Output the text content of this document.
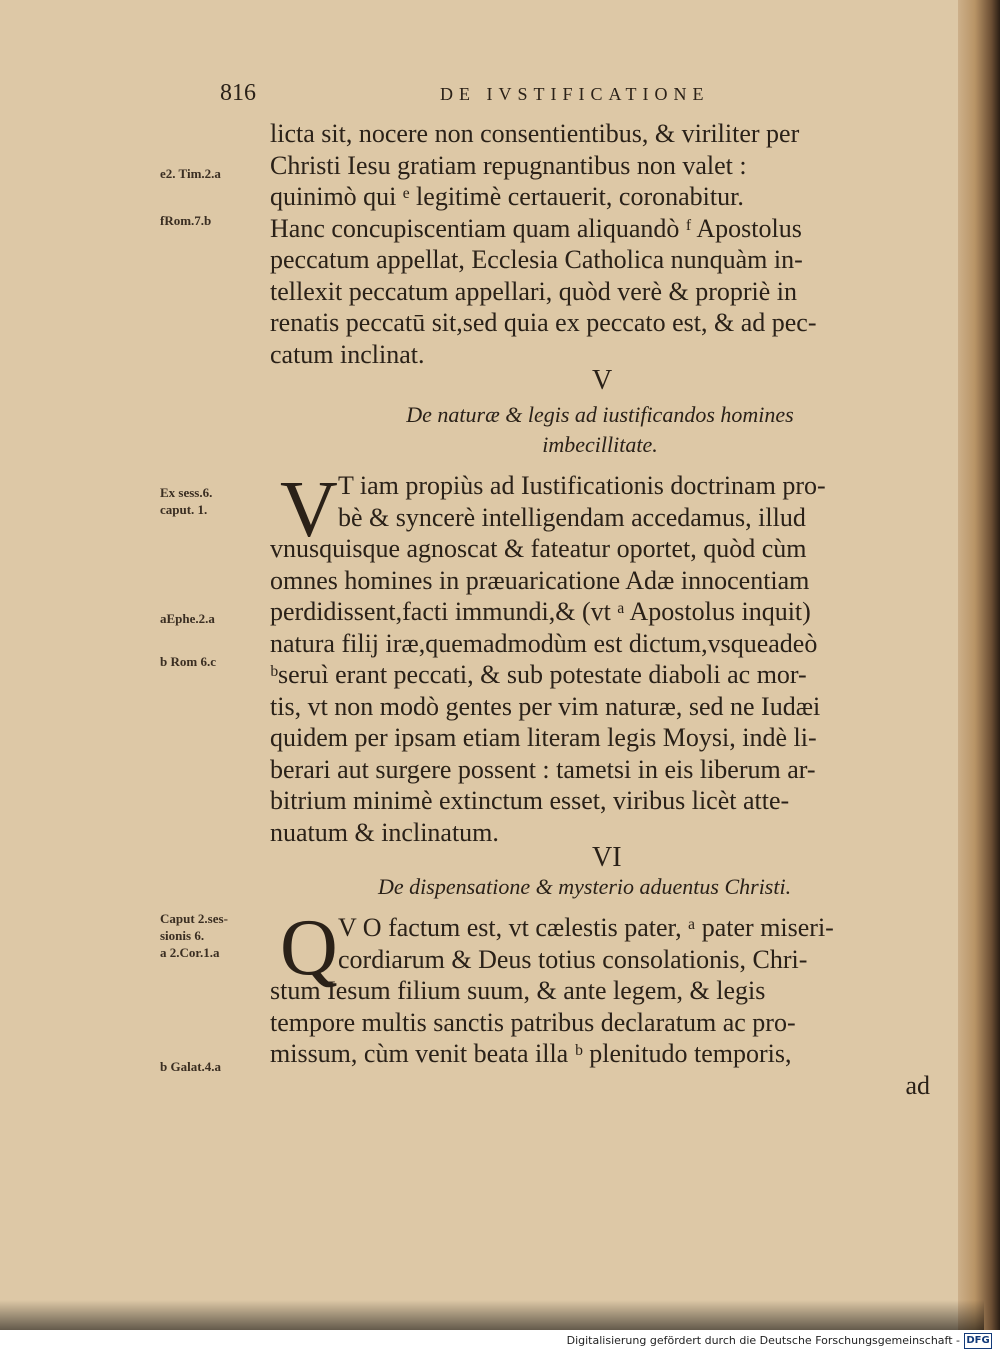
816	DE IVSTIFICATIONE
licta sit, nocere non consentientibus, & viriliter per
Christi Iesu gratiam repugnantibus non valet :
quinimò qui ᵉ legitimè certauerit, coronabitur.
Hanc concupiscentiam quam aliquandò ᶠ Apostolus
peccatum appellat, Ecclesia Catholica nunquàm in-
tellexit peccatum appellari, quòd verè & propriè in
renatis peccatū sit,sed quia ex peccato est, & ad pec-
catum inclinat.
V
De naturæ & legis ad iustificandos homines
imbecillitate.
V T iam propiùs ad Iustificationis doctrinam pro-
bè & syncerè intelligendam accedamus, illud
vnusquisque agnoscat & fateatur oportet, quòd cùm
omnes homines in præuaricatione Adæ innocentiam
perdidissent,facti immundi,& (vt ᵃ Apostolus inquit)
natura filij iræ,quemadmodùm est dictum,vsqueadeò
ᵇseruì erant peccati, & sub potestate diaboli ac mor-
tis, vt non modò gentes per vim naturæ, sed ne Iudæi
quidem per ipsam etiam literam legis Moysi, indè li-
berari aut surgere possent : tametsi in eis liberum ar-
bitrium minimè extinctum esset, viribus licèt atte-
nuatum & inclinatum.
VI
De dispensatione & mysterio aduentus Christi.
Q V O factum est, vt cælestis pater, ᵃ pater miseri-
cordiarum & Deus totius consolationis, Chri-
stum Iesum filium suum, & ante legem, & legis
tempore multis sanctis patribus declaratum ac pro-
missum, cùm venit beata illa ᵇ plenitudo temporis,
ad
e2. Tim.2.a
fRom.7.b
Ex sess.6.
caput. 1.
aEphe.2.a
b Rom 6.c
Caput 2.ses-
sionis 6.
a 2.Cor.1.a
b Galat.4.a
Digitalisierung gefördert durch die Deutsche Forschungsgemeinschaft - DFG
